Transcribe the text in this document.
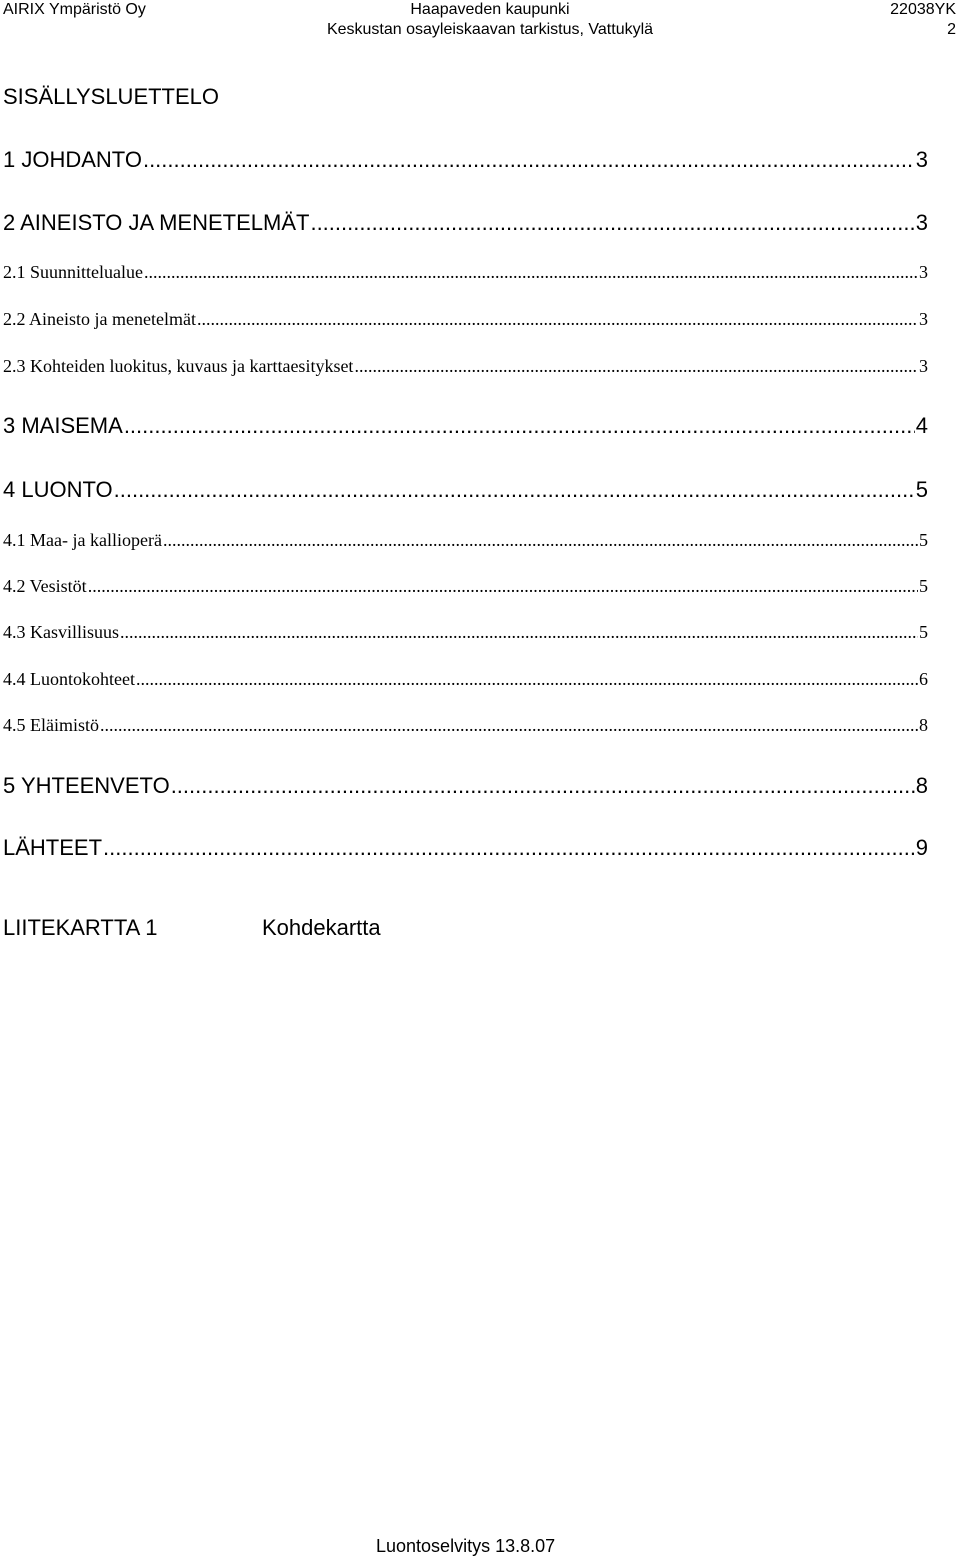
AIRIX Ympäristö Oy	Haapaveden kaupunki	22038YK
Keskustan osayleiskaavan tarkistus, Vattukylä	2
SISÄLLYSLUETTELO
1 JOHDANTO .....	3
2 AINEISTO JA MENETELMÄT .....	3
2.1 Suunnittelualue .....	3
2.2 Aineisto ja menetelmät .....	3
2.3 Kohteiden luokitus, kuvaus ja karttaesitykset .....	3
3 MAISEMA .....	4
4 LUONTO .....	5
4.1 Maa- ja kallioperä .....	5
4.2 Vesistöt .....	5
4.3 Kasvillisuus .....	5
4.4 Luontokohteet .....	6
4.5 Eläimistö .....	8
5 YHTEENVETO .....	8
LÄHTEET .....	9
LIITEKARTTA 1	Kohdekartta
Luontoselvitys 13.8.07
